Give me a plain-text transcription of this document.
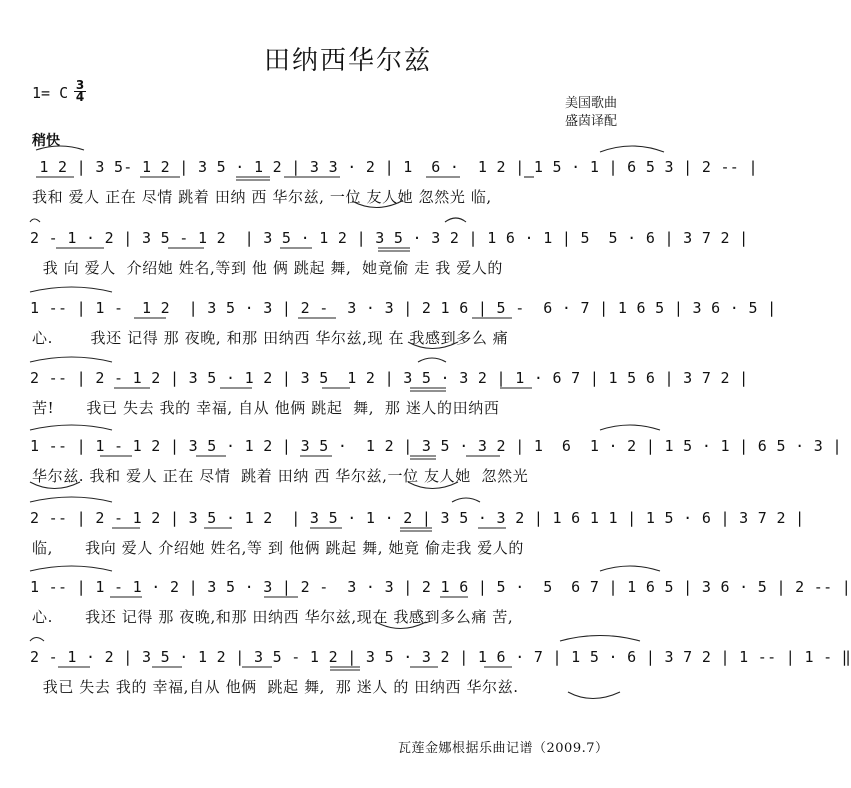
田纳西华尔兹
1= C 3
4	美国歌曲
盛茵译配
稍快
1 2 | 3 5- 1 2 | 3 5 · 1 2 | 3 3 · 2 | 1  6 ·  1 2 | 1 5 · 1 | 6 5 3 | 2 -- |
我和 爱人 正在 尽情 跳着 田纳 西 华尔兹, 一位 友人她 忽然光 临,
2 - 1 · 2 | 3 5 - 1 2  | 3 5 · 1 2 | 3 5 · 3 2 | 1 6 · 1 | 5  5 · 6 | 3 7 2 |
我 向 爱人  介绍她 姓名,等到 他 俩 跳起 舞,  她竟偷 走 我 爱人的
1 -- | 1 -  1 2  | 3 5 · 3 | 2 -  3 · 3 | 2 1 6 | 5 -  6 · 7 | 1 6 5 | 3 6 · 5 |
心.       我还 记得 那 夜晚, 和那 田纳西 华尔兹,现 在 我感到多么 痛
2 -- | 2 - 1 2 | 3 5 · 1 2 | 3 5  1 2 | 3 5 · 3 2 | 1 · 6 7 | 1 5 6 | 3 7 2 |
苦!      我已 失去 我的 幸福, 自从 他俩 跳起  舞,  那 迷人的田纳西
1 -- | 1 - 1 2 | 3 5 · 1 2 | 3 5 ·  1 2 | 3 5 · 3 2 | 1  6  1 · 2 | 1 5 · 1 | 6 5 · 3 |
华尔兹. 我和 爱人 正在 尽情  跳着 田纳 西 华尔兹,一位 友人她  忽然光
2 -- | 2 - 1 2 | 3 5 · 1 2  | 3 5 · 1 · 2 | 3 5 · 3 2 | 1 6 1 1 | 1 5 · 6 | 3 7 2 |
临,      我向 爱人 介绍她 姓名,等 到 他俩 跳起 舞, 她竟 偷走我 爱人的
1 -- | 1 - 1 · 2 | 3 5 · 3 | 2 -  3 · 3 | 2 1 6 | 5 ·  5  6 7 | 1 6 5 | 3 6 · 5 | 2 -- |
心.      我还 记得 那 夜晚,和那 田纳西 华尔兹,现在 我感到多么痛 苦,
2 - 1 · 2 | 3 5 · 1 2 | 3 5 - 1 2 | 3 5 · 3 2 | 1 6 · 7 | 1 5 · 6 | 3 7 2 | 1 -- | 1 - ‖
我已 失去 我的 幸福,自从 他俩  跳起 舞,  那 迷人 的 田纳西 华尔兹.
瓦莲金娜根据乐曲记谱（2009.7）
